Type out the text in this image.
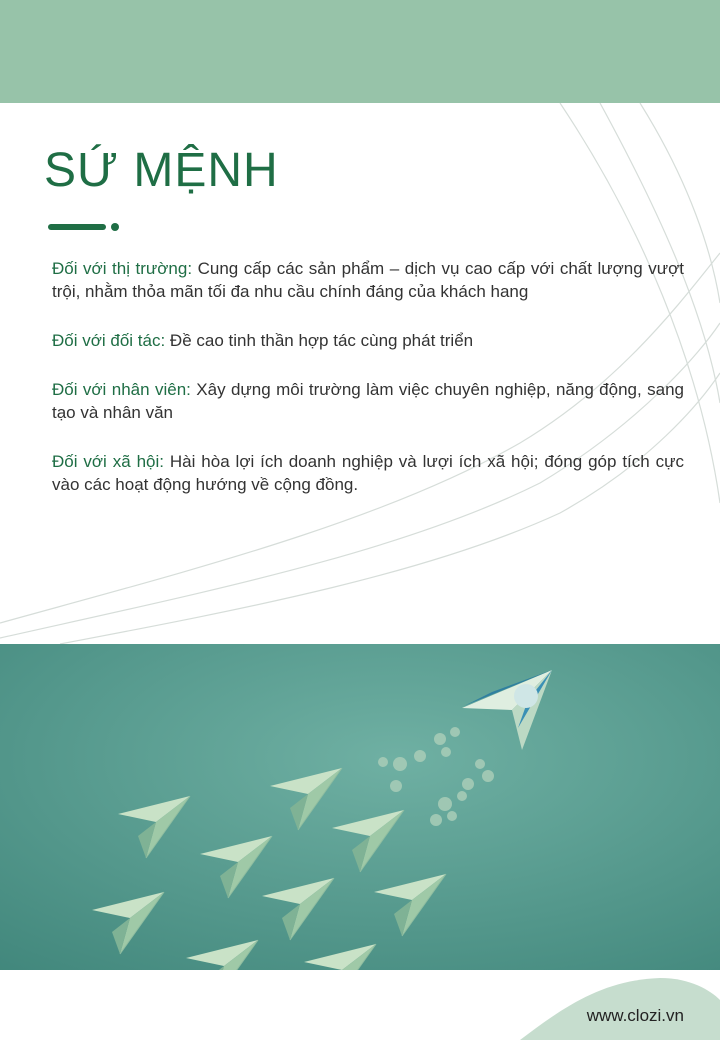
SỨ MỆNH

Đối với thị trường: Cung cấp các sản phẩm – dịch vụ cao cấp với chất lượng vượt trội, nhằm thỏa mãn tối đa nhu cầu chính đáng của khách hang

Đối với đối tác: Đề cao tinh thần hợp tác cùng phát triển

Đối với nhân viên: Xây dựng môi trường làm việc chuyên nghiệp, năng động, sang tạo và nhân văn

Đối với xã hội: Hài hòa lợi ích doanh nghiệp và lượi ích xã hội; đóng góp tích cực vào các hoạt động hướng về cộng đồng.

www.clozi.vn
